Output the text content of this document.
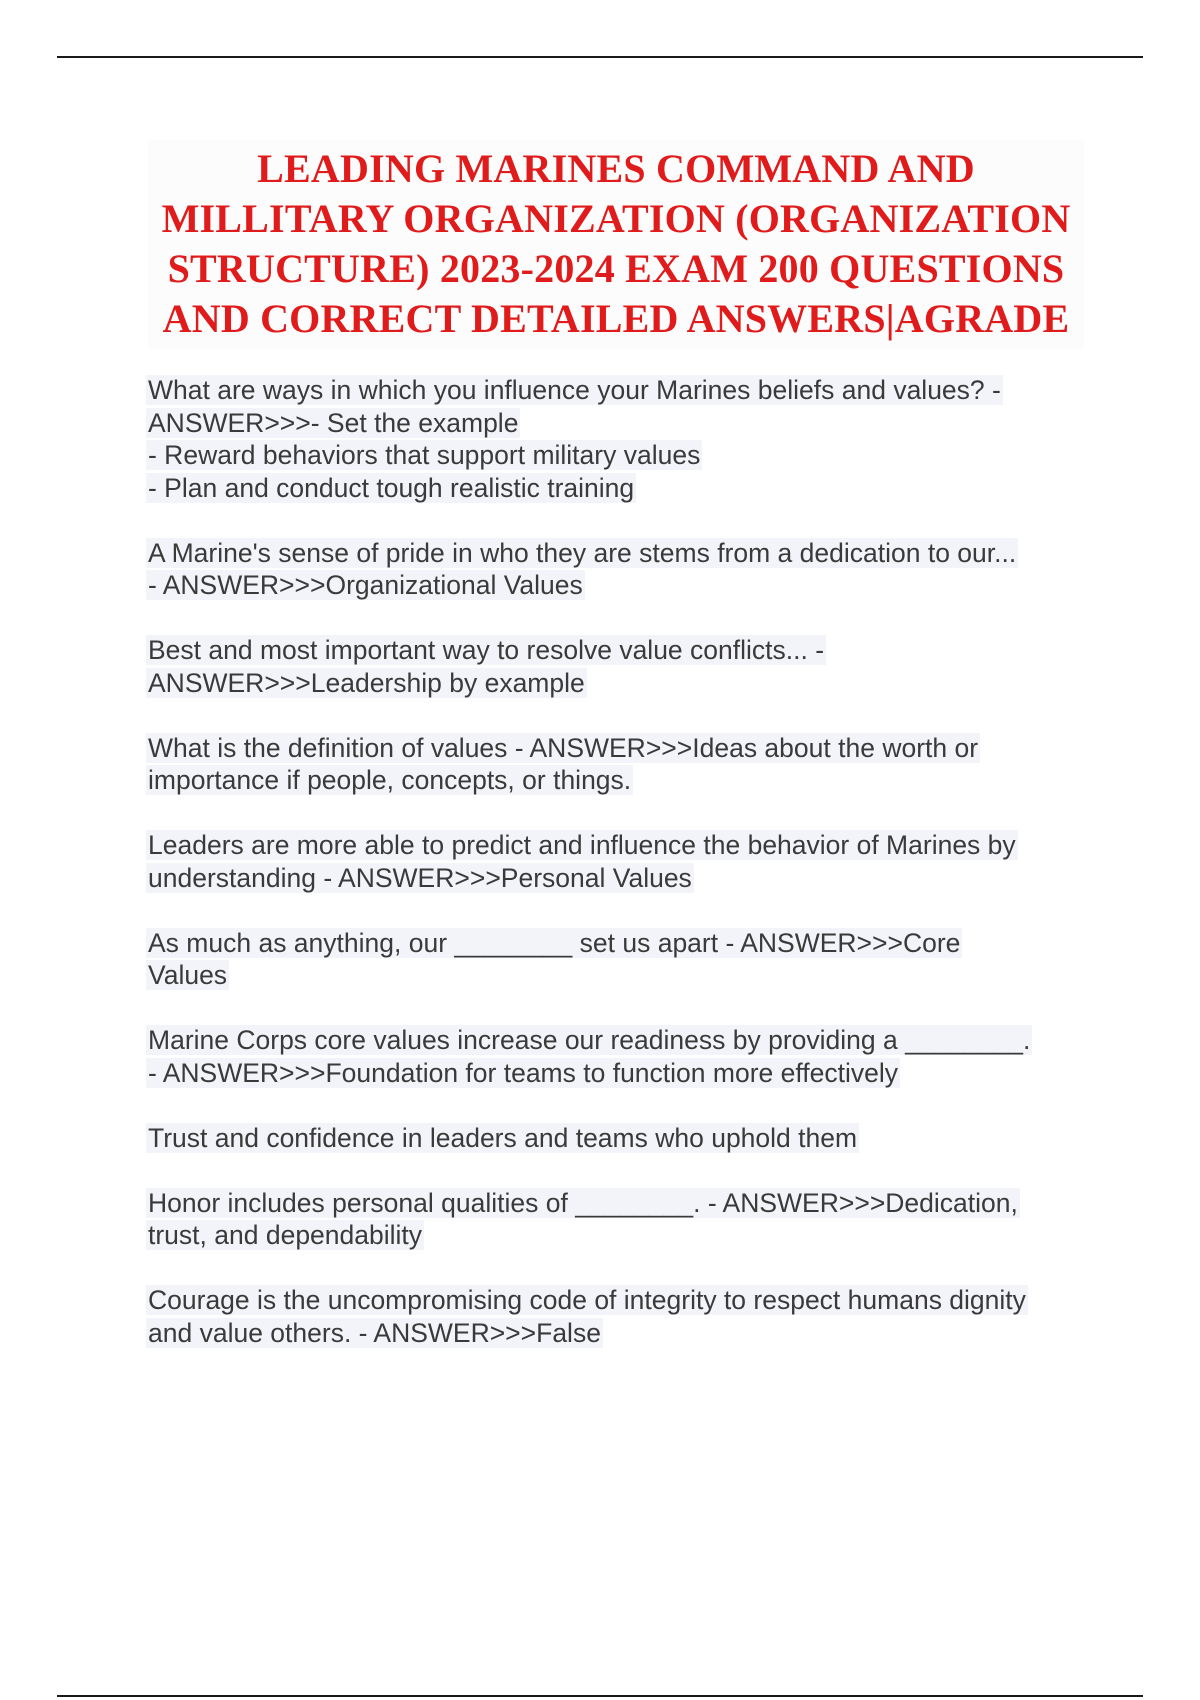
LEADING MARINES COMMAND AND MILLITARY ORGANIZATION (ORGANIZATION STRUCTURE) 2023-2024 EXAM 200 QUESTIONS AND CORRECT DETAILED ANSWERS|AGRADE
What are ways in which you influence your Marines beliefs and values? -
ANSWER>>>- Set the example
- Reward behaviors that support military values
- Plan and conduct tough realistic training
A Marine's sense of pride in who they are stems from a dedication to our...
- ANSWER>>>Organizational Values
Best and most important way to resolve value conflicts... -
ANSWER>>>Leadership by example
What is the definition of values - ANSWER>>>Ideas about the worth or
importance if people, concepts, or things.
Leaders are more able to predict and influence the behavior of Marines by
understanding - ANSWER>>>Personal Values
As much as anything, our ________ set us apart - ANSWER>>>Core
Values
Marine Corps core values increase our readiness by providing a ________.
- ANSWER>>>Foundation for teams to function more effectively
Trust and confidence in leaders and teams who uphold them
Honor includes personal qualities of ________. - ANSWER>>>Dedication,
trust, and dependability
Courage is the uncompromising code of integrity to respect humans dignity
and value others. - ANSWER>>>False
